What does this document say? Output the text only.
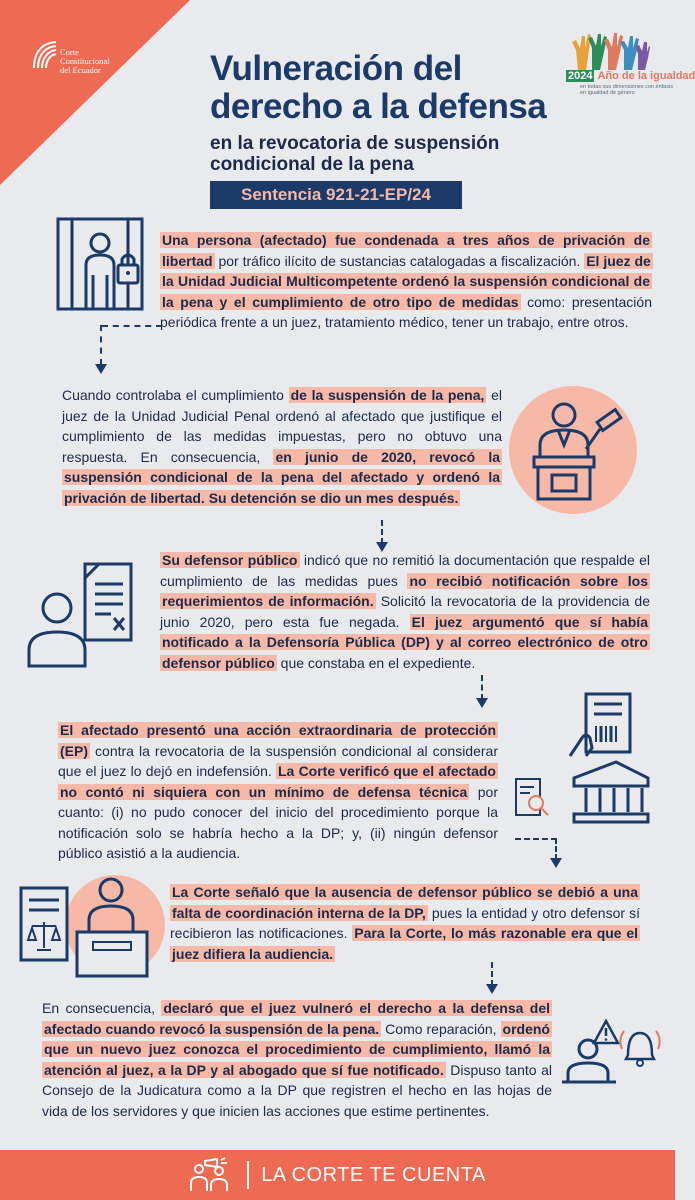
Corte
Constitucional
del Ecuador	Vulneración del derecho a la defensa
en la revocatoria de suspensión condicional de la pena
Sentencia 921-21-EP/24
2024 Año de la igualdad
en todas sus dimensiones con énfasis en igualdad de género

Una persona (afectado) fue condenada a tres años de privación de libertad por tráfico ilícito de sustancias catalogadas a fiscalización. El juez de la Unidad Judicial Multicompetente ordenó la suspensión condicional de la pena y el cumplimiento de otro tipo de medidas como: presentación periódica frente a un juez, tratamiento médico, tener un trabajo, entre otros.

Cuando controlaba el cumplimiento de la suspensión de la pena, el juez de la Unidad Judicial Penal ordenó al afectado que justifique el cumplimiento de las medidas impuestas, pero no obtuvo una respuesta. En consecuencia, en junio de 2020, revocó la suspensión condicional de la pena del afectado y ordenó la privación de libertad. Su detención se dio un mes después.

Su defensor público indicó que no remitió la documentación que respalde el cumplimiento de las medidas pues no recibió notificación sobre los requerimientos de información. Solicitó la revocatoria de la providencia de junio 2020, pero esta fue negada. El juez argumentó que sí había notificado a la Defensoría Pública (DP) y al correo electrónico de otro defensor público que constaba en el expediente.

El afectado presentó una acción extraordinaria de protección (EP) contra la revocatoria de la suspensión condicional al considerar que el juez lo dejó en indefensión. La Corte verificó que el afectado no contó ni siquiera con un mínimo de defensa técnica por cuanto: (i) no pudo conocer del inicio del procedimiento porque la notificación solo se habría hecho a la DP; y, (ii) ningún defensor público asistió a la audiencia.

La Corte señaló que la ausencia de defensor público se debió a una falta de coordinación interna de la DP, pues la entidad y otro defensor sí recibieron las notificaciones. Para la Corte, lo más razonable era que el juez difiera la audiencia.

En consecuencia, declaró que el juez vulneró el derecho a la defensa del afectado cuando revocó la suspensión de la pena. Como reparación, ordenó que un nuevo juez conozca el procedimiento de cumplimiento, llamó la atención al juez, a la DP y al abogado que sí fue notificado. Dispuso tanto al Consejo de la Judicatura como a la DP que registren el hecho en las hojas de vida de los servidores y que inicien las acciones que estime pertinentes.

LA CORTE TE CUENTA
